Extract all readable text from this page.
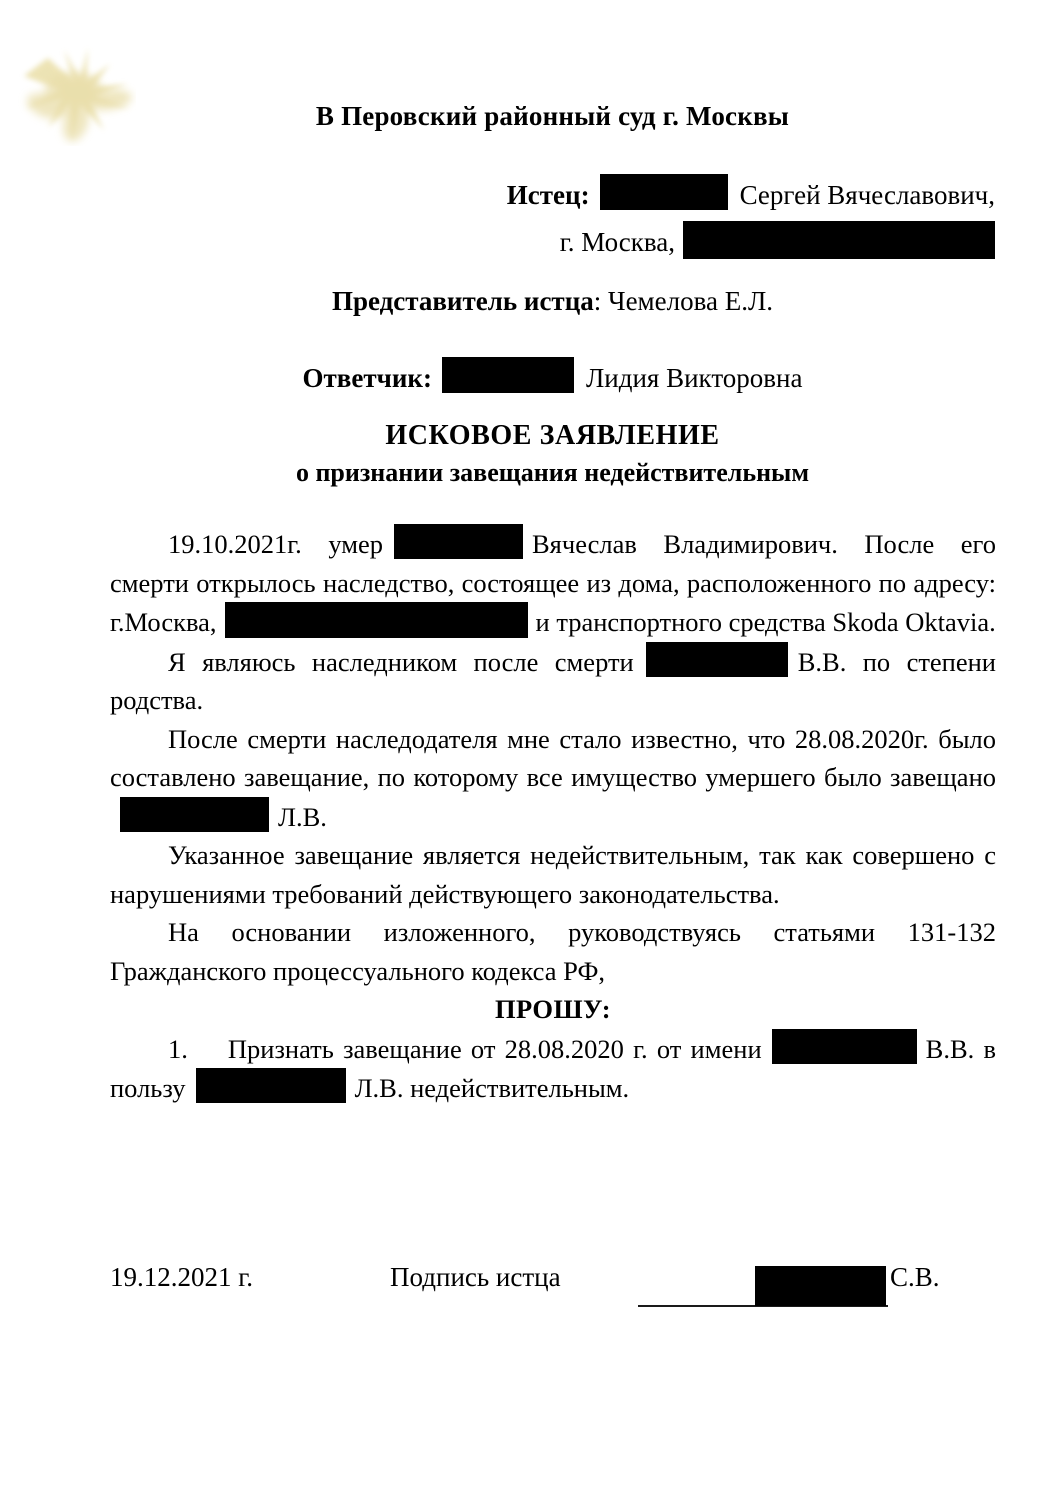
В Перовский районный суд г. Москвы
Истец:	Сергей Вячеславович,
г. Москва,
Представитель истца: Чемелова Е.Л.
Ответчик:	Лидия Викторовна
ИСКОВОЕ ЗАЯВЛЕНИЕ
о признании завещания недействительным

19.10.2021г. умер	Вячеслав Владимирович. После его смерти открылось наследство, состоящее из дома, расположенного по адресу: г.Москва,	и транспортного средства Skoda Oktavia.

Я являюсь наследником после смерти	В.В. по степени родства.

После смерти наследодателя мне стало известно, что 28.08.2020г. было составлено завещание, по которому все имущество умершего было завещаноЛ.В.

Указанное завещание является недействительным, так как совершено с нарушениями требований действующего законодательства.

На основании изложенного, руководствуясь статьями 131-132 Гражданского процессуального кодекса РФ,

ПРОШУ:

1. Признать завещание от 28.08.2020 г. от имени	В.В. в пользу	Л.В. недействительным.

19.12.2021 г.	Подпись истца	С.В.
